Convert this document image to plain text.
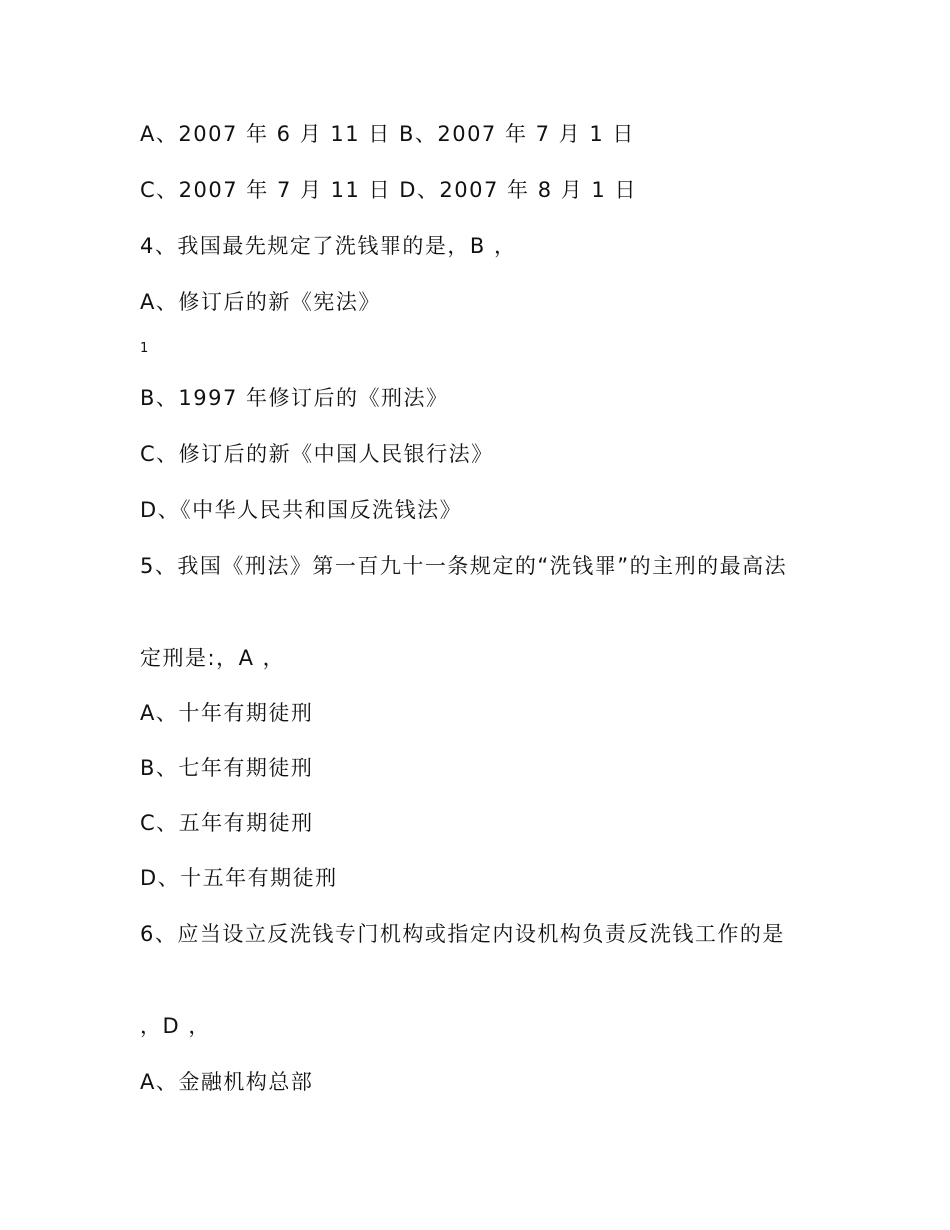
A、2007 年 6 月 11 日 B、2007 年 7 月 1 日
C、2007 年 7 月 11 日 D、2007 年 8 月 1 日
4、我国最先规定了洗钱罪的是，B ，
A、修订后的新《宪法》
1
B、1997 年修订后的《刑法》
C、修订后的新《中国人民银行法》
D、《中华人民共和国反洗钱法》
5、我国《刑法》第一百九十一条规定的“洗钱罪”的主刑的最高法
定刑是:，A ，
A、十年有期徒刑
B、七年有期徒刑
C、五年有期徒刑
D、十五年有期徒刑
6、应当设立反洗钱专门机构或指定内设机构负责反洗钱工作的是
，D ，
A、金融机构总部
